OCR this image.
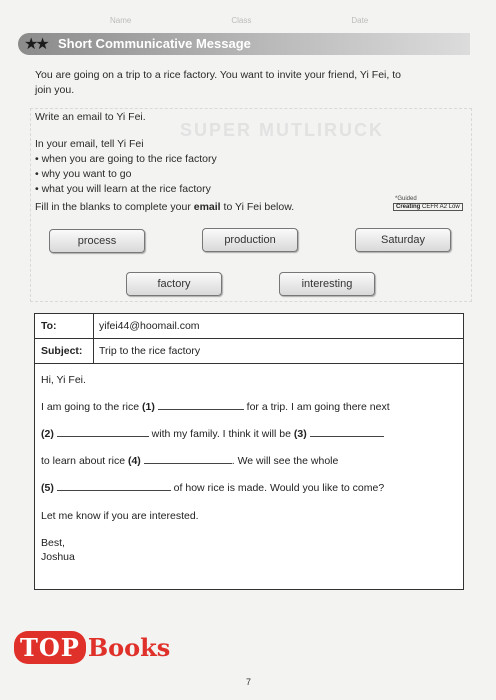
Name	Class	Date
SUPER MUTLIRUCK
★★ Short Communicative Message
You are going on a trip to a rice factory. You want to invite your friend, Yi Fei, to
join you.
Write an email to Yi Fei.
In your email, tell Yi Fei
• when you are going to the rice factory
• why you want to go
• what you will learn at the rice factory
Fill in the blanks to complete your email to Yi Fei below.
*Guided
Creating CEFR A2 Low
process	production	Saturday
factory	interesting
To:	yifei44@hoomail.com
Subject:	Trip to the rice factory
Hi, Yi Fei.
I am going to the rice (1)	for a trip. I am going there next
(2)	with my family. I think it will be (3)
to learn about rice (4)	. We will see the whole
(5)	of how rice is made. Would you like to come?
Let me know if you are interested.
Best,
Joshua
7
TOP Books
